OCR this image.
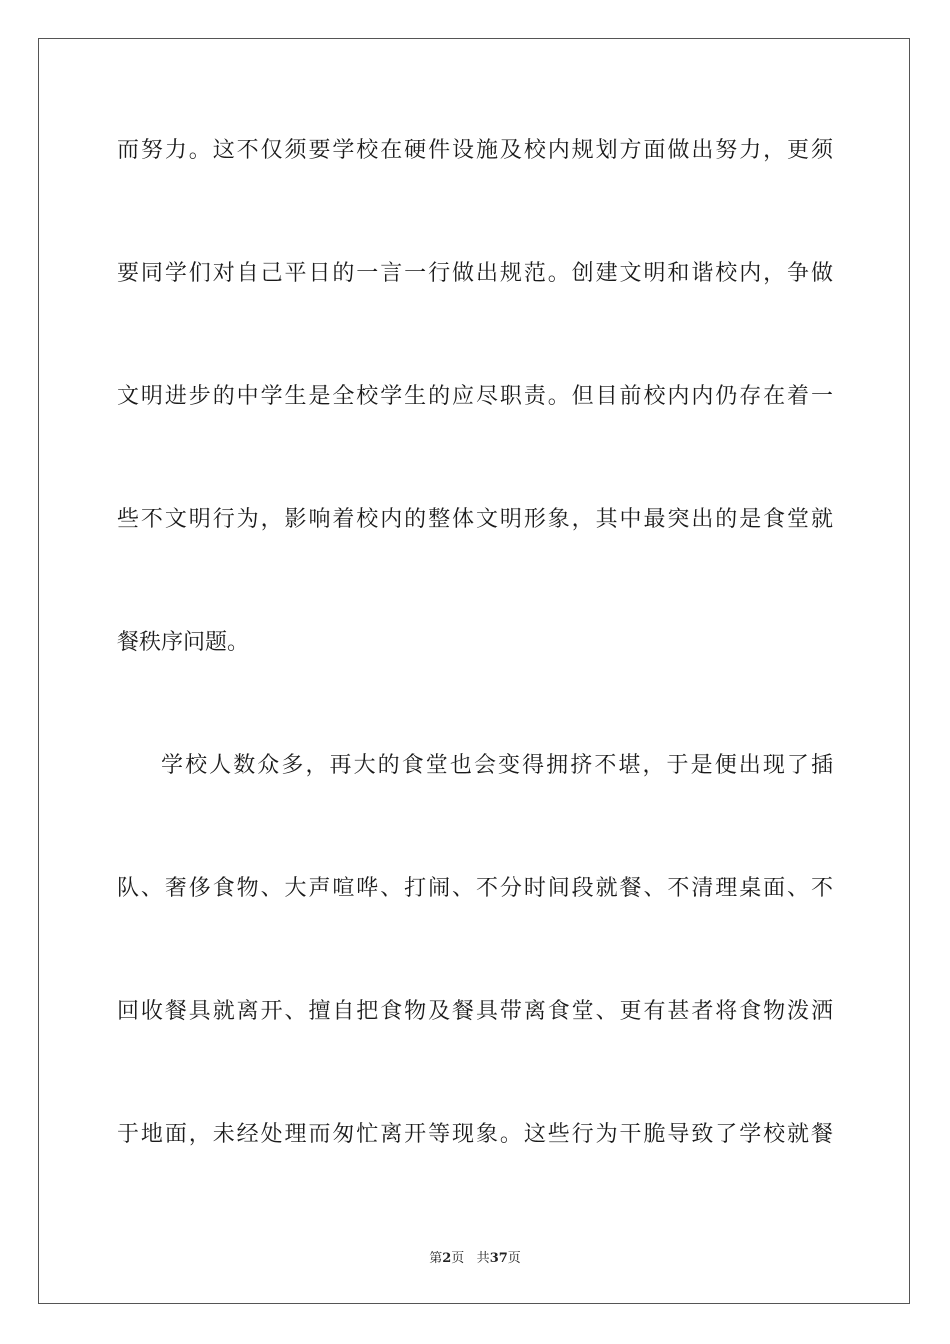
而努力。这不仅须要学校在硬件设施及校内规划方面做出努力，更须
要同学们对自己平日的一言一行做出规范。创建文明和谐校内，争做
文明进步的中学生是全校学生的应尽职责。但目前校内内仍存在着一
些不文明行为，影响着校内的整体文明形象，其中最突出的是食堂就
餐秩序问题。
学校人数众多，再大的食堂也会变得拥挤不堪，于是便出现了插
队、奢侈食物、大声喧哗、打闹、不分时间段就餐、不清理桌面、不
回收餐具就离开、擅自把食物及餐具带离食堂、更有甚者将食物泼洒
于地面，未经处理而匆忙离开等现象。这些行为干脆导致了学校就餐
第2页 共37页
